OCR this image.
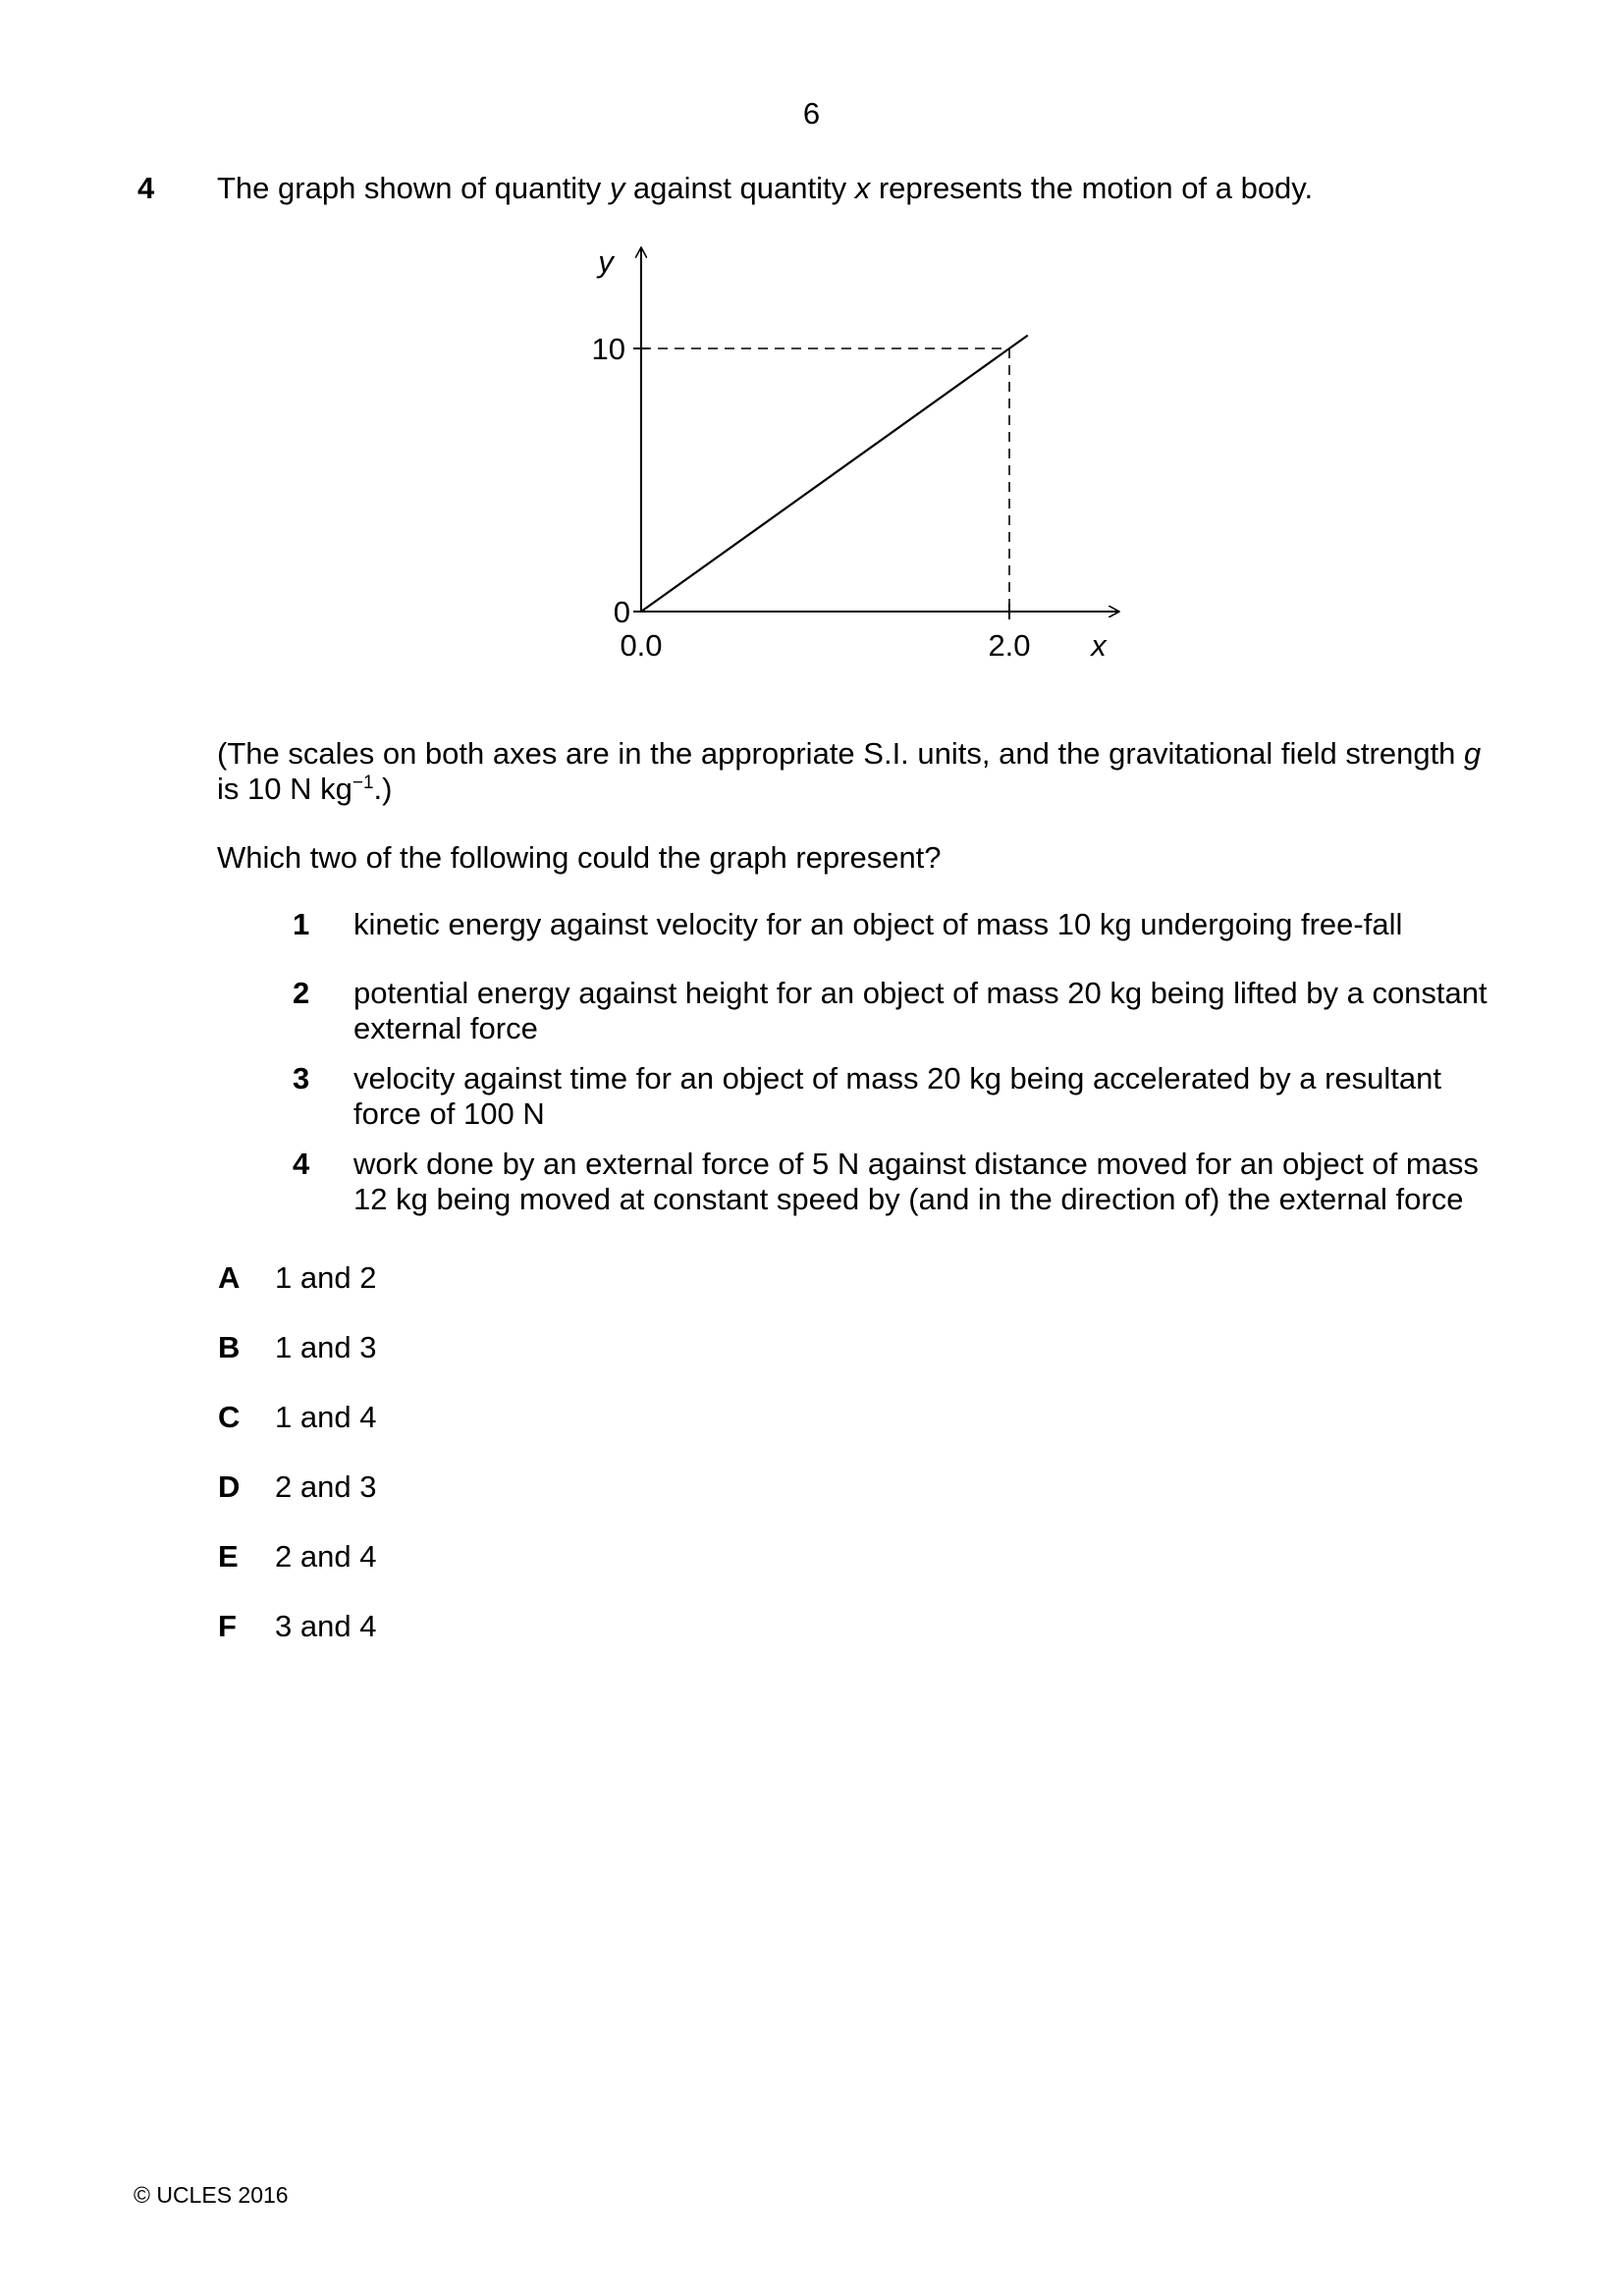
6
4 The graph shown of quantity y against quantity x represents the motion of a body.
y
x
10
0
0.0	2.0
(The scales on both axes are in the appropriate S.I. units, and the gravitational field strength g
is 10 N $kg^{-1}$.)
Which two of the following could the graph represent?
1 kinetic energy against velocity for an object of mass 10 kg undergoing free-fall
2 potential energy against height for an object of mass 20 kg being lifted by a constant
external force
3 velocity against time for an object of mass 20 kg being accelerated by a resultant
force of 100 N
4 work done by an external force of 5 N against distance moved for an object of mass
12 kg being moved at constant speed by (and in the direction of) the external force
A 1 and 2
B 1 and 3
C 1 and 4
D 2 and 3
E 2 and 4
F 3 and 4
© UCLES 2016
